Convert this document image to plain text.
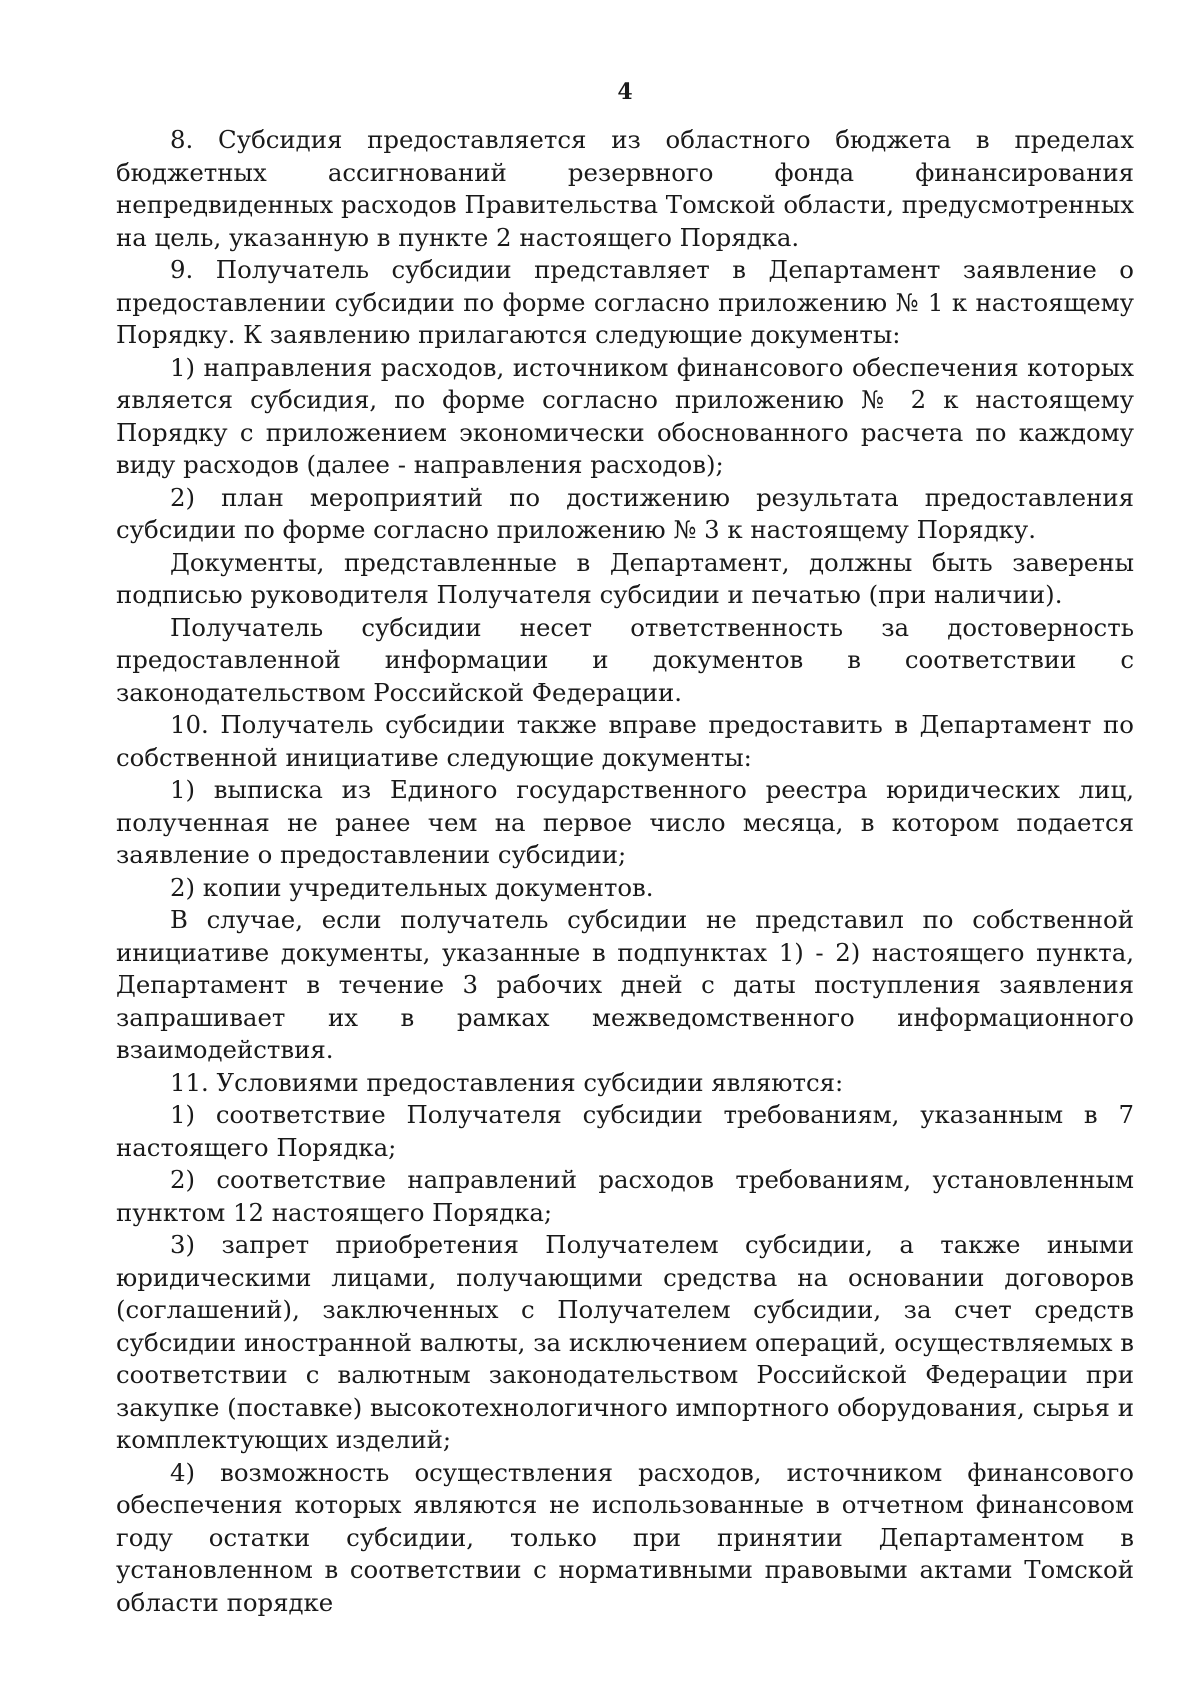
4

8. Субсидия предоставляется из областного бюджета в пределах бюджетных ассигнований резервного фонда финансирования непредвиденных расходов Правительства Томской области, предусмотренных на цель, указанную в пункте 2 настоящего Порядка.

9. Получатель субсидии представляет в Департамент заявление о предоставлении субсидии по форме согласно приложению № 1 к настоящему Порядку. К заявлению прилагаются следующие документы:

1) направления расходов, источником финансового обеспечения которых является субсидия, по форме согласно приложению № 2 к настоящему Порядку с приложением экономически обоснованного расчета по каждому виду расходов (далее - направления расходов);

2) план мероприятий по достижению результата предоставления субсидии по форме согласно приложению № 3 к настоящему Порядку.

Документы, представленные в Департамент, должны быть заверены подписью руководителя Получателя субсидии и печатью (при наличии).

Получатель субсидии несет ответственность за достоверность предоставленной информации и документов в соответствии с законодательством Российской Федерации.

10. Получатель субсидии также вправе предоставить в Департамент по собственной инициативе следующие документы:

1) выписка из Единого государственного реестра юридических лиц, полученная не ранее чем на первое число месяца, в котором подается заявление о предоставлении субсидии;

2) копии учредительных документов.

В случае, если получатель субсидии не представил по собственной инициативе документы, указанные в подпунктах 1) - 2) настоящего пункта, Департамент в течение 3 рабочих дней с даты поступления заявления запрашивает их в рамках межведомственного информационного взаимодействия.

11. Условиями предоставления субсидии являются:

1) соответствие Получателя субсидии требованиям, указанным в 7 настоящего Порядка;

2) соответствие направлений расходов требованиям, установленным пунктом 12 настоящего Порядка;

3) запрет приобретения Получателем субсидии, а также иными юридическими лицами, получающими средства на основании договоров (соглашений), заключенных с Получателем субсидии, за счет средств субсидии иностранной валюты, за исключением операций, осуществляемых в соответствии с валютным законодательством Российской Федерации при закупке (поставке) высокотехнологичного импортного оборудования, сырья и комплектующих изделий;

4) возможность осуществления расходов, источником финансового обеспечения которых являются не использованные в отчетном финансовом году остатки субсидии, только при принятии Департаментом в установленном в соответствии с нормативными правовыми актами Томской области порядке
